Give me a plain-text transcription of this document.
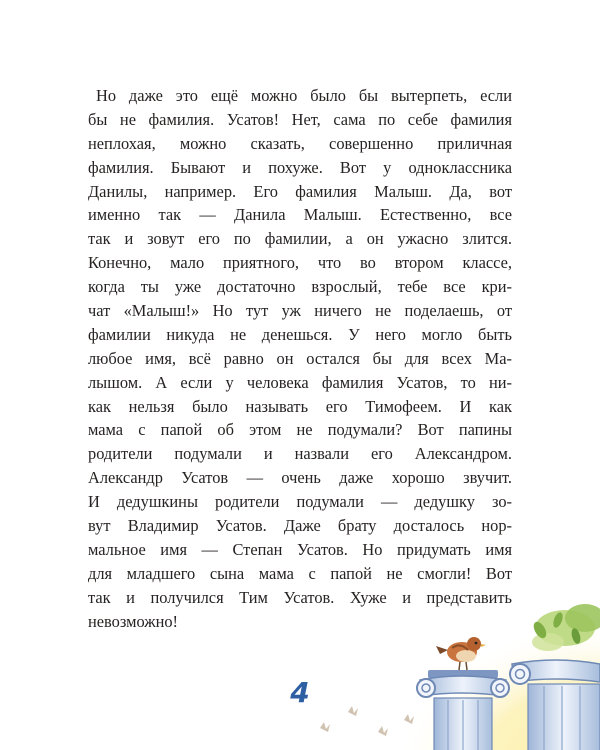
Но даже это ещё можно было бы вытерпеть, если
бы не фамилия. Усатов! Нет, сама по себе фамилия
неплохая, можно сказать, совершенно приличная
фамилия. Бывают и похуже. Вот у одноклассника
Данилы, например. Его фамилия Малыш. Да, вот
именно так — Данила Малыш. Естественно, все
так и зовут его по фамилии, а он ужасно злится.
Конечно, мало приятного, что во втором классе,
когда ты уже достаточно взрослый, тебе все кри-
чат «Малыш!» Но тут уж ничего не поделаешь, от
фамилии никуда не денешься. У него могло быть
любое имя, всё равно он остался бы для всех Ма-
лышом. А если у человека фамилия Усатов, то ни-
как нельзя было называть его Тимофеем. И как
мама с папой об этом не подумали? Вот папины
родители подумали и назвали его Александром.
Александр Усатов — очень даже хорошо звучит.
И дедушкины родители подумали — дедушку зо-
вут Владимир Усатов. Даже брату досталось нор-
мальное имя — Степан Усатов. Но придумать имя
для младшего сына мама с папой не смогли! Вот
так и получился Тим Усатов. Хуже и представить
невозможно!
4
